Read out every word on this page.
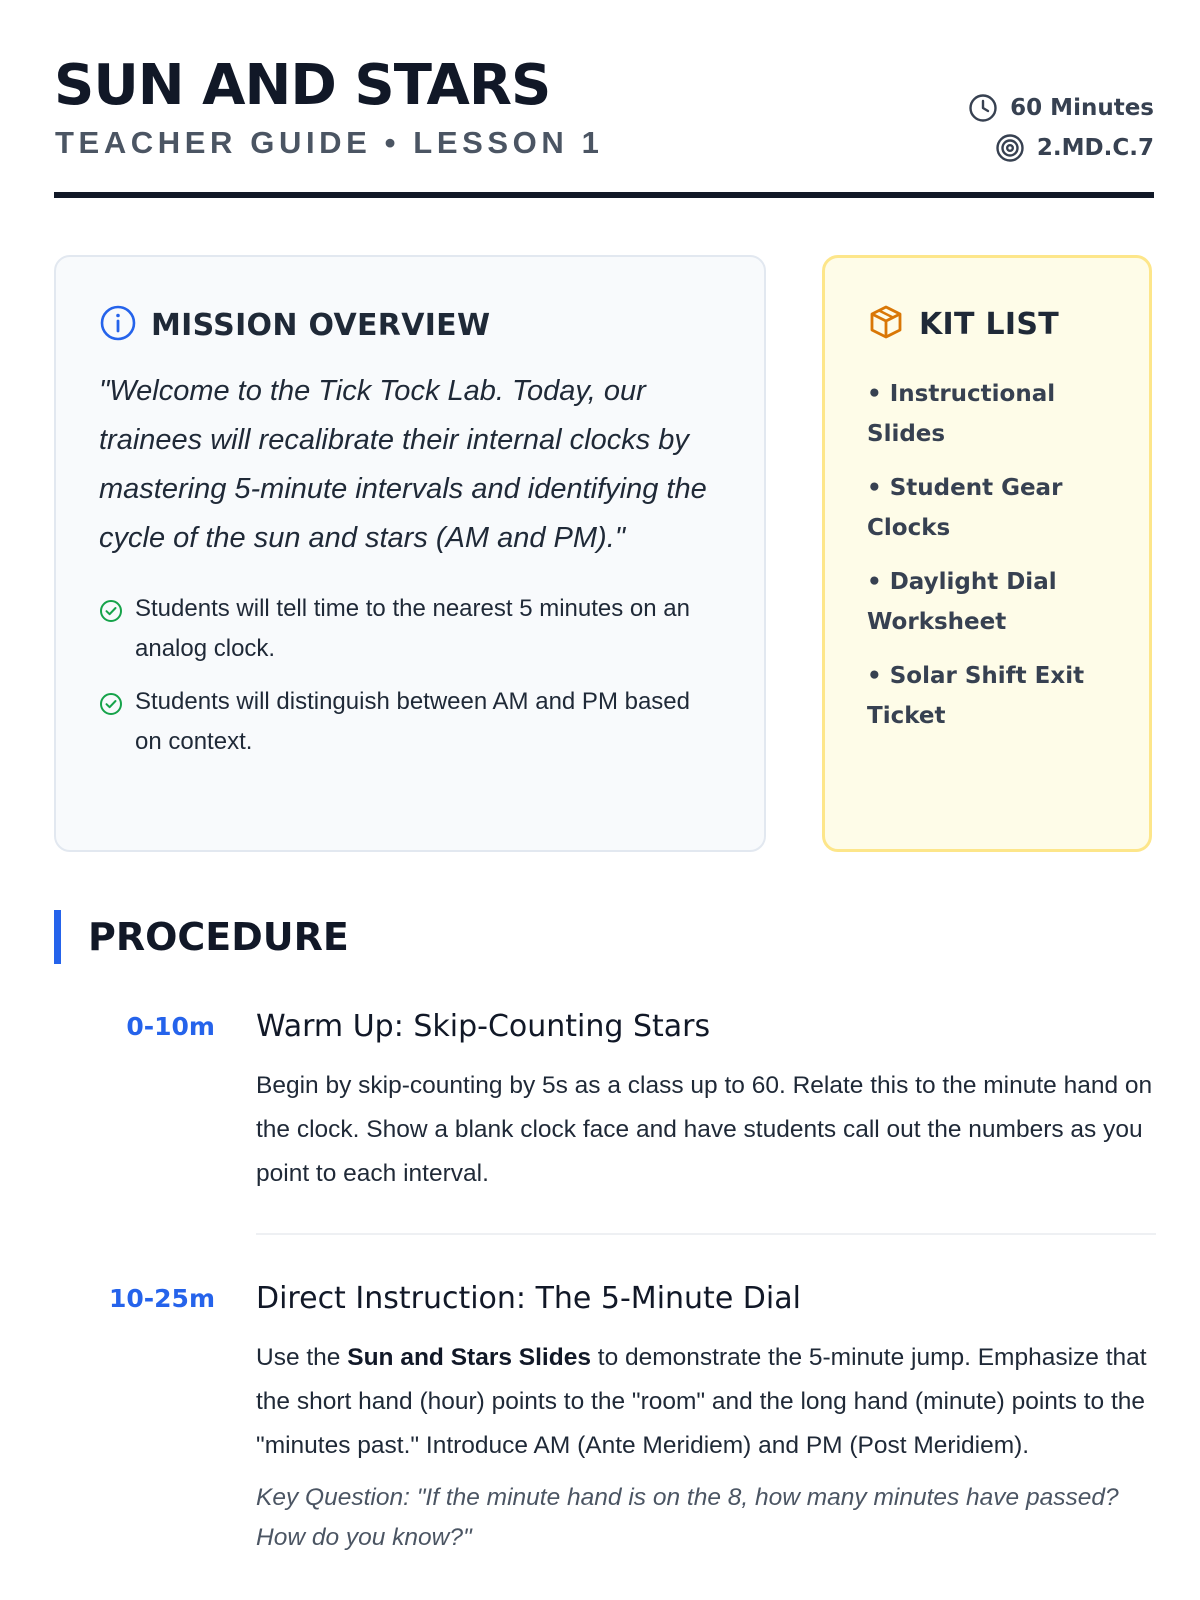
SUN AND STARS
TEACHER GUIDE • LESSON 1
60 Minutes
2.MD.C.7
MISSION OVERVIEW

"Welcome to the Tick Tock Lab. Today, our trainees will recalibrate their internal clocks by mastering 5-minute intervals and identifying the cycle of the sun and stars (AM and PM)."

Students will tell time to the nearest 5 minutes on an analog clock.
Students will distinguish between AM and PM based on context.
KIT LIST
• Instructional Slides
• Student Gear Clocks
• Daylight Dial Worksheet
• Solar Shift Exit Ticket
PROCEDURE
0-10m Warm Up: Skip-Counting Stars

Begin by skip-counting by 5s as a class up to 60. Relate this to the minute hand on the clock. Show a blank clock face and have students call out the numbers as you point to each interval.

10-25m Direct Instruction: The 5-Minute Dial

Use the Sun and Stars Slides to demonstrate the 5-minute jump. Emphasize that the short hand (hour) points to the "room" and the long hand (minute) points to the "minutes past." Introduce AM (Ante Meridiem) and PM (Post Meridiem).

Key Question: "If the minute hand is on the 8, how many minutes have passed? How do you know?"
